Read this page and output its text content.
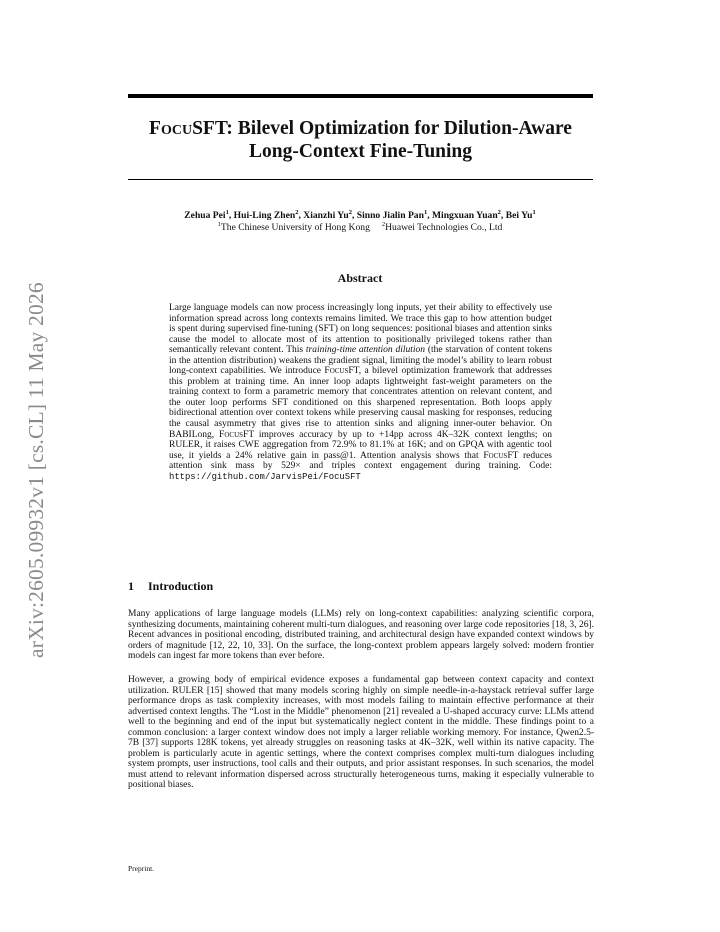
arXiv:2605.09932v1 [cs.CL] 11 May 2026
FocuSFT: Bilevel Optimization for Dilution-Aware
Long-Context Fine-Tuning
Zehua Pei$^1$, Hui-Ling Zhen$^2$, Xianzhi Yu$^2$, Sinno Jialin Pan$^1$, Mingxuan Yuan$^2$, Bei Yu$^1$
$^1$The Chinese University of Hong Kong $^2$Huawei Technologies Co., Ltd
Abstract
Large language models can now process increasingly long inputs, yet their ability to effectively use information spread across long contexts remains limited. We trace this gap to how attention budget is spent during supervised fine-tuning (SFT) on long sequences: positional biases and attention sinks cause the model to allocate most of its attention to positionally privileged tokens rather than semantically relevant content. This training-time attention dilution (the starvation of content tokens in the attention distribution) weakens the gradient signal, limiting the model’s ability to learn robust long-context capabilities. We introduce FocusFT, a bilevel optimization framework that addresses this problem at training time. An inner loop adapts lightweight fast-weight parameters on the training context to form a parametric memory that concentrates attention on relevant content, and the outer loop performs SFT conditioned on this sharpened representation. Both loops apply bidirectional attention over context tokens while preserving causal masking for responses, reducing the causal asymmetry that gives rise to attention sinks and aligning inner-outer behavior. On BABILong, FocusFT improves accuracy by up to +14pp across 4K–32K context lengths; on RULER, it raises CWE aggregation from 72.9% to 81.1% at 16K; and on GPQA with agentic tool use, it yields a 24% relative gain in pass@1. Attention analysis shows that FocusFT reduces attention sink mass by 529× and triples context engagement during training. Code: https://github.com/JarvisPei/FocuSFT
1 Introduction
Many applications of large language models (LLMs) rely on long-context capabilities: analyzing scientific corpora, synthesizing documents, maintaining coherent multi-turn dialogues, and reasoning over large code repositories [18, 3, 26]. Recent advances in positional encoding, distributed training, and architectural design have expanded context windows by orders of magnitude [12, 22, 10, 33]. On the surface, the long-context problem appears largely solved: modern frontier models can ingest far more tokens than ever before.
However, a growing body of empirical evidence exposes a fundamental gap between context capacity and context utilization. RULER [15] showed that many models scoring highly on simple needle-in-a-haystack retrieval suffer large performance drops as task complexity increases, with most models failing to maintain effective performance at their advertised context lengths. The “Lost in the Middle” phenomenon [21] revealed a U-shaped accuracy curve: LLMs attend well to the beginning and end of the input but systematically neglect content in the middle. These findings point to a common conclusion: a larger context window does not imply a larger reliable working memory. For instance, Qwen2.5-7B [37] supports 128K tokens, yet already struggles on reasoning tasks at 4K–32K, well within its native capacity. The problem is particularly acute in agentic settings, where the context comprises complex multi-turn dialogues including system prompts, user instructions, tool calls and their outputs, and prior assistant responses. In such scenarios, the model must attend to relevant information dispersed across structurally heterogeneous turns, making it especially vulnerable to positional biases.
Preprint.
